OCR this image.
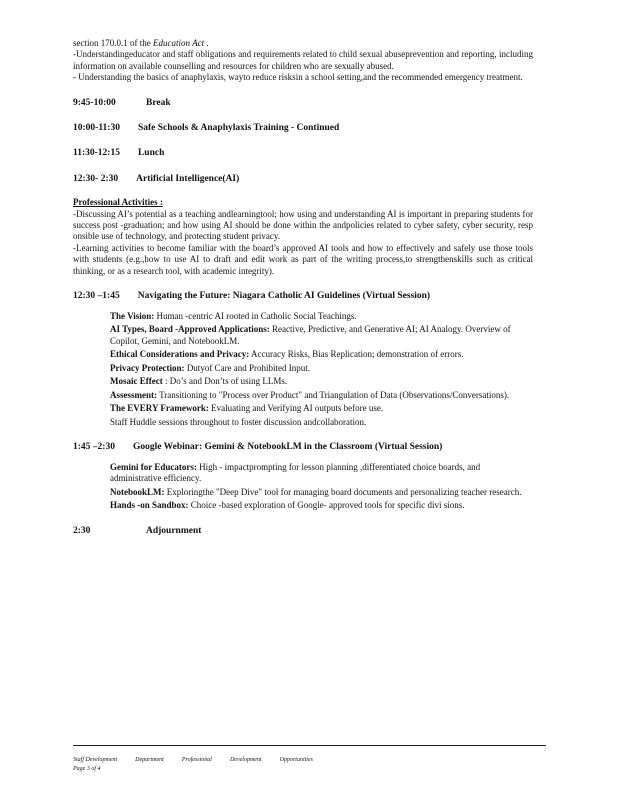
section 170.0.1 of the Education Act .

-Understandingeducator and staff obligations and requirements related to child sexual abuseprevention and reporting, including information on available counselling and resources for children who are sexually abused.

- Understanding the basics of anaphylaxis, wayto reduce risksin a school setting,and the recommended emergency treatment.

9:45-10:00	Break

10:00-11:30 Safe Schools & Anaphylaxis Training - Continued

11:30-12:15 Lunch

12:30- 2:30 Artificial Intelligence(AI)

Professional Activities :

-Discussing AI’s potential as a teaching andlearningtool; how using and understanding AI is important in preparing students for success post -graduation; and how using AI should be done within the andpolicies related to cyber safety, cyber security, resp onsible use of technology, and protecting student privacy.

-Learning activities to become familiar with the board’s approved AI tools and how to effectively and safely use those tools with students (e.g.,how to use AI to draft and edit work as part of the writing process,to strengthenskills such as critical thinking, or as a research tool, with academic integrity).

12:30 –1:45 Navigating the Future: Niagara Catholic AI Guidelines (Virtual Session)

The Vision: Human -centric AI rooted in Catholic Social Teachings.
AI Types, Board -Approved Applications: Reactive, Predictive, and Generative AI; AI Analogy. Overview of Copilot, Gemini, and NotebookLM.
Ethical Considerations and Privacy: Accuracy Risks, Bias Replication; demonstration of errors.
Privacy Protection: Dutyof Care and Prohibited Input.
Mosaic Effect : Do’s and Don’ts of using LLMs.
Assessment: Transitioning to "Process over Product" and Triangulation of Data (Observations/Conversations).
The EVERY Framework: Evaluating and Verifying AI outputs before use.
Staff Huddle sessions throughout to foster discussion andcollaboration.

1:45 –2:30 Google Webinar: Gemini & NotebookLM in the Classroom (Virtual Session)

Gemini for Educators: High - impactprompting for lesson planning ,differentiated choice boards, and administrative efficiency.
NotebookLM: Exploringthe "Deep Dive" tool for managing board documents and personalizing teacher research.
Hands -on Sandbox: Choice -based exploration of Google- approved tools for specific divi sions.

2:30	Adjournment

Staff Development	Department	Professional	Development	Opportunities
Page 3 of 4
